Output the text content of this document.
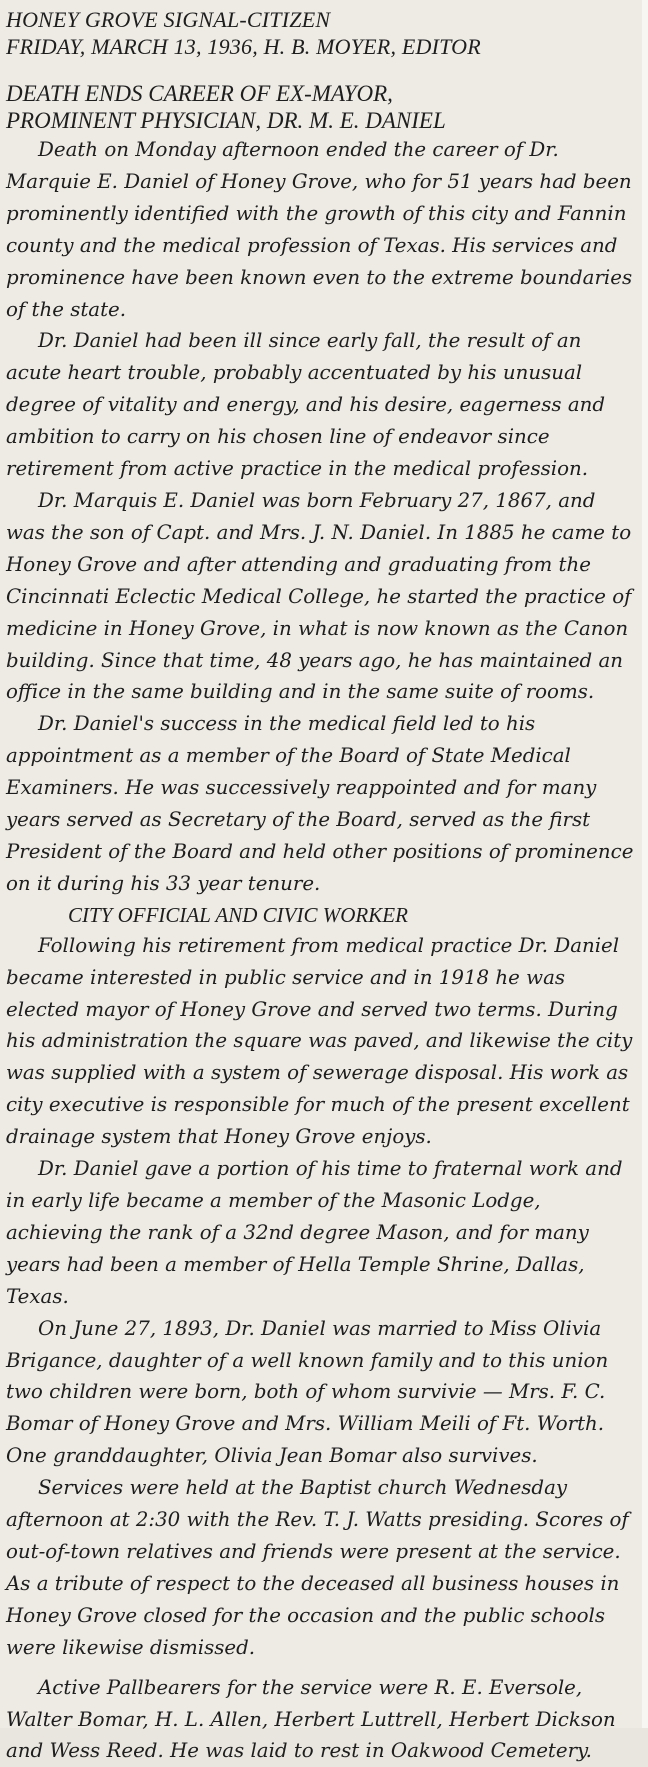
HONEY GROVE SIGNAL-CITIZEN

FRIDAY, MARCH 13, 1936, H. B. MOYER, EDITOR

DEATH ENDS CAREER OF EX-MAYOR,

PROMINENT PHYSICIAN, DR. M. E. DANIEL

Death on Monday afternoon ended the career of Dr. Marquie E. Daniel of Honey Grove, who for 51 years had been prominently identified with the growth of this city and Fannin county and the medical profession of Texas. His services and prominence have been known even to the extreme boundaries of the state.

Dr. Daniel had been ill since early fall, the result of an acute heart trouble, probably accentuated by his unusual degree of vitality and energy, and his desire, eagerness and ambition to carry on his chosen line of endeavor since retirement from active practice in the medical profession.

Dr. Marquis E. Daniel was born February 27, 1867, and was the son of Capt. and Mrs. J. N. Daniel. In 1885 he came to Honey Grove and after attending and graduating from the Cincinnati Eclectic Medical College, he started the practice of medicine in Honey Grove, in what is now known as the Canon building. Since that time, 48 years ago, he has maintained an office in the same building and in the same suite of rooms.

Dr. Daniel's success in the medical field led to his appointment as a member of the Board of State Medical Examiners. He was successively reappointed and for many years served as Secretary of the Board, served as the first President of the Board and held other positions of prominence on it during his 33 year tenure.

CITY OFFICIAL AND CIVIC WORKER

Following his retirement from medical practice Dr. Daniel became interested in public service and in 1918 he was elected mayor of Honey Grove and served two terms. During his administration the square was paved, and likewise the city was supplied with a system of sewerage disposal. His work as city executive is responsible for much of the present excellent drainage system that Honey Grove enjoys.

Dr. Daniel gave a portion of his time to fraternal work and in early life became a member of the Masonic Lodge, achieving the rank of a 32nd degree Mason, and for many years had been a member of Hella Temple Shrine, Dallas, Texas.

On June 27, 1893, Dr. Daniel was married to Miss Olivia Brigance, daughter of a well known family and to this union two children were born, both of whom survivie — Mrs. F. C. Bomar of Honey Grove and Mrs. William Meili of Ft. Worth. One granddaughter, Olivia Jean Bomar also survives.

Services were held at the Baptist church Wednesday afternoon at 2:30 with the Rev. T. J. Watts presiding. Scores of out-of-town relatives and friends were present at the service. As a tribute of respect to the deceased all business houses in Honey Grove closed for the occasion and the public schools were likewise dismissed.

Active Pallbearers for the service were R. E. Eversole, Walter Bomar, H. L. Allen, Herbert Luttrell, Herbert Dickson and Wess Reed. He was laid to rest in Oakwood Cemetery.
